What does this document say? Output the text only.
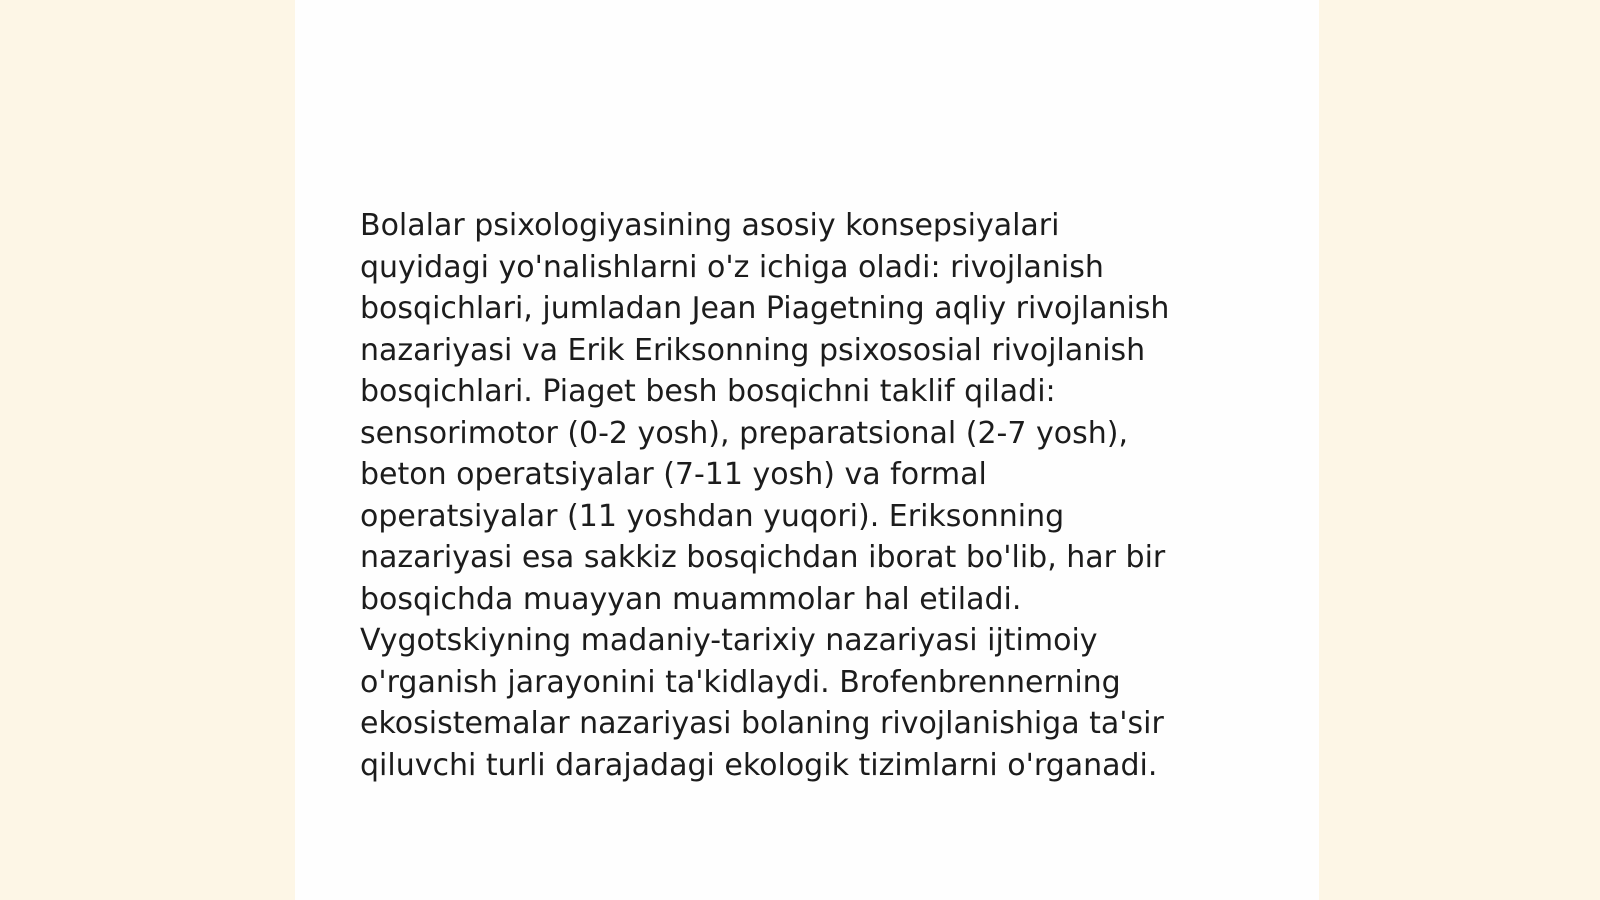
Bolalar psixologiyasining asosiy konsepsiyalari
quyidagi yo'nalishlarni o'z ichiga oladi: rivojlanish
bosqichlari, jumladan Jean Piagetning aqliy rivojlanish
nazariyasi va Erik Eriksonning psixososial rivojlanish
bosqichlari. Piaget besh bosqichni taklif qiladi:
sensorimotor (0-2 yosh), preparatsional (2-7 yosh),
beton operatsiyalar (7-11 yosh) va formal
operatsiyalar (11 yoshdan yuqori). Eriksonning
nazariyasi esa sakkiz bosqichdan iborat bo'lib, har bir
bosqichda muayyan muammolar hal etiladi.
Vygotskiyning madaniy-tarixiy nazariyasi ijtimoiy
o'rganish jarayonini ta'kidlaydi. Brofenbrennerning
ekosistemalar nazariyasi bolaning rivojlanishiga ta'sir
qiluvchi turli darajadagi ekologik tizimlarni o'rganadi.
